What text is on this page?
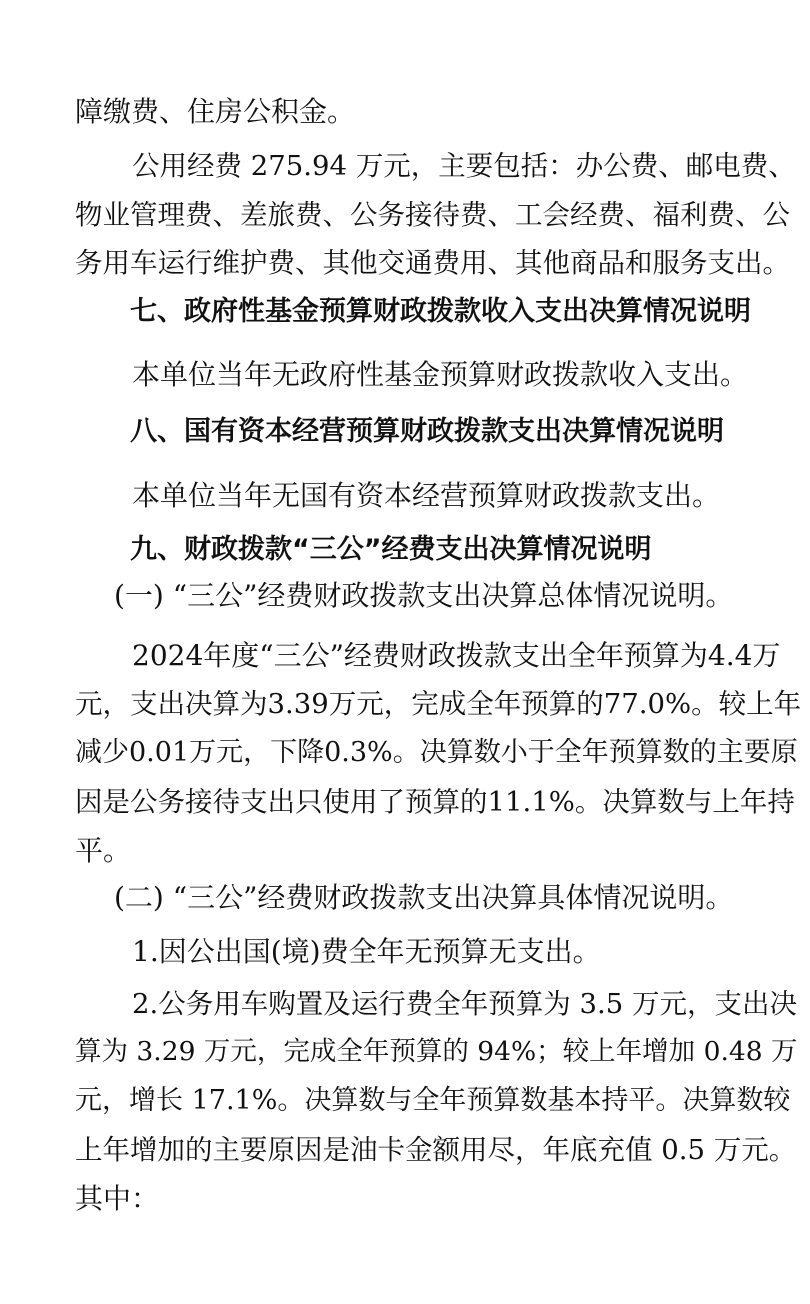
障缴费、住房公积金。

公用经费 275.94 万元，主要包括：办公费、邮电费、

物业管理费、差旅费、公务接待费、工会经费、福利费、公

务用车运行维护费、其他交通费用、其他商品和服务支出。

七、政府性基金预算财政拨款收入支出决算情况说明

本单位当年无政府性基金预算财政拨款收入支出。

八、国有资本经营预算财政拨款支出决算情况说明

本单位当年无国有资本经营预算财政拨款支出。

九、财政拨款“三公”经费支出决算情况说明

(一) “三公”经费财政拨款支出决算总体情况说明。

2024年度“三公”经费财政拨款支出全年预算为4.4万

元，支出决算为3.39万元，完成全年预算的77.0%。较上年

减少0.01万元，下降0.3%。决算数小于全年预算数的主要原

因是公务接待支出只使用了预算的11.1%。决算数与上年持

平。

(二) “三公”经费财政拨款支出决算具体情况说明。

1.因公出国(境)费全年无预算无支出。

2.公务用车购置及运行费全年预算为 3.5 万元，支出决

算为 3.29 万元，完成全年预算的 94%；较上年增加 0.48 万

元，增长 17.1%。决算数与全年预算数基本持平。决算数较

上年增加的主要原因是油卡金额用尽，年底充值 0.5 万元。

其中：
